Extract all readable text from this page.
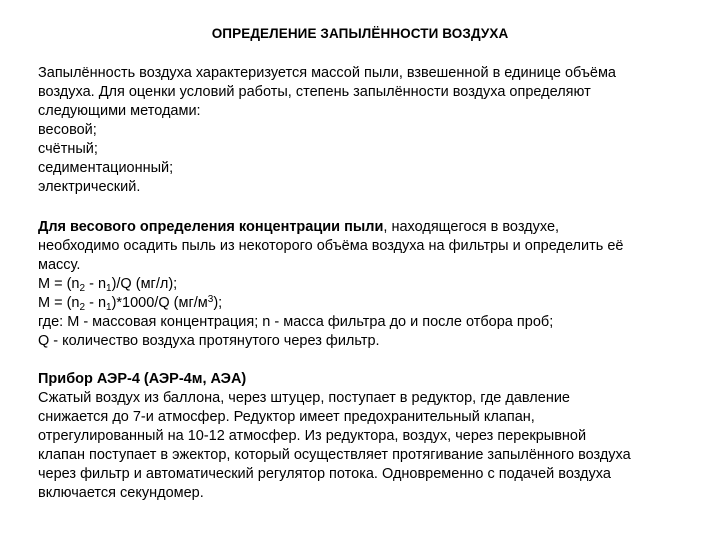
ОПРЕДЕЛЕНИЕ ЗАПЫЛЁННОСТИ ВОЗДУХА

Запылённость воздуха характеризуется массой пыли, взвешенной в единице объёма

воздуха. Для оценки условий работы, степень запылённости воздуха определяют

следующими методами:

весовой;

счётный;

седиментационный;

электрический.

Для весового определения концентрации пыли, находящегося в воздухе,

необходимо осадить пыль из некоторого объёма воздуха на фильтры и определить её

массу.

$М = (n_2 - n_1)/Q$ (мг/л);

$М = (n_2 - n_1)*1000/Q$ $(мг/м^3)$;

где: М - массовая концентрация; n - масса фильтра до и после отбора проб;

Q - количество воздуха протянутого через фильтр.

Прибор АЭР-4 (АЭР-4м, АЭА)

Сжатый воздух из баллона, через штуцер, поступает в редуктор, где давление

снижается до 7-и атмосфер. Редуктор имеет предохранительный клапан,

отрегулированный на 10-12 атмосфер. Из редуктора, воздух, через перекрывной

клапан поступает в эжектор, который осуществляет протягивание запылённого воздуха

через фильтр и автоматический регулятор потока. Одновременно с подачей воздуха

включается секундомер.
